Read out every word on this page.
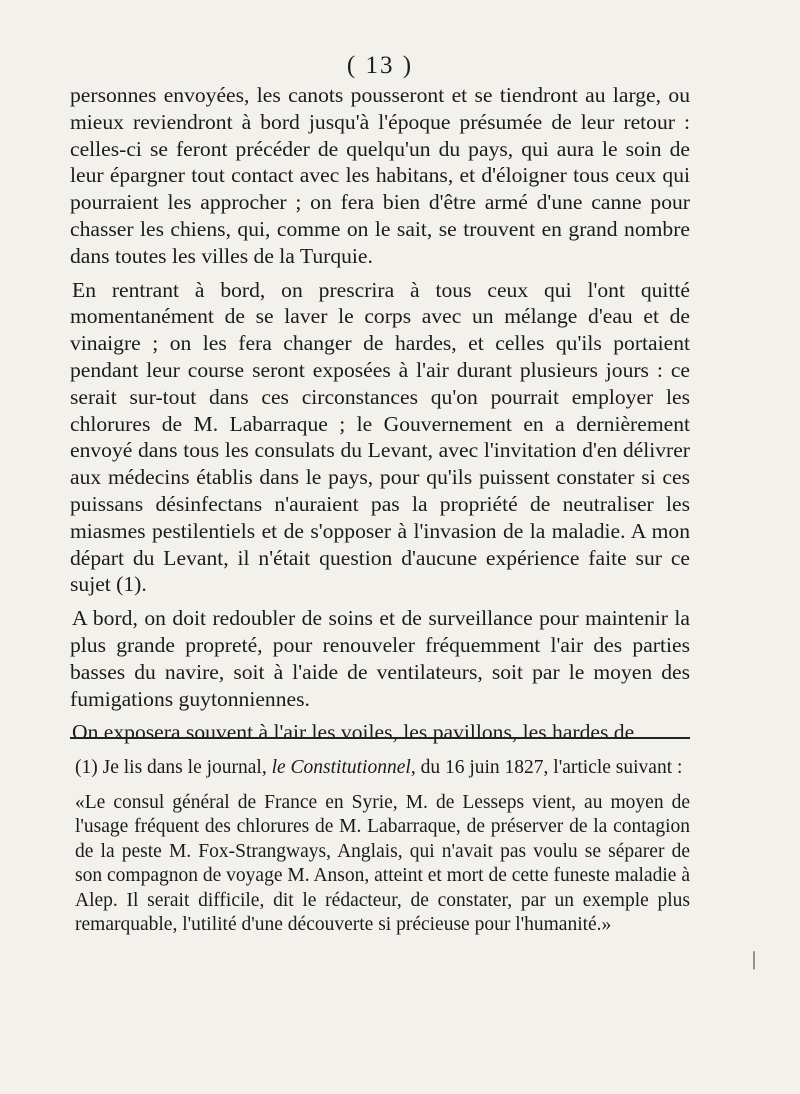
( 13 )

personnes envoyées, les canots pousseront et se tiendront au large, ou mieux reviendront à bord jusqu'à l'époque présumée de leur retour : celles-ci se feront précéder de quelqu'un du pays, qui aura le soin de leur épargner tout contact avec les habitans, et d'éloigner tous ceux qui pourraient les approcher ; on fera bien d'être armé d'une canne pour chasser les chiens, qui, comme on le sait, se trouvent en grand nombre dans toutes les villes de la Turquie.

En rentrant à bord, on prescrira à tous ceux qui l'ont quitté momentanément de se laver le corps avec un mélange d'eau et de vinaigre ; on les fera changer de hardes, et celles qu'ils portaient pendant leur course seront exposées à l'air durant plusieurs jours : ce serait sur-tout dans ces circonstances qu'on pourrait employer les chlorures de M. Labarraque ; le Gouvernement en a dernièrement envoyé dans tous les consulats du Levant, avec l'invitation d'en délivrer aux médecins établis dans le pays, pour qu'ils puissent constater si ces puissans désinfectans n'auraient pas la propriété de neutraliser les miasmes pestilentiels et de s'opposer à l'invasion de la maladie. A mon départ du Levant, il n'était question d'aucune expérience faite sur ce sujet (1).

A bord, on doit redoubler de soins et de surveillance pour maintenir la plus grande propreté, pour renouveler fréquemment l'air des parties basses du navire, soit à l'aide de ventilateurs, soit par le moyen des fumigations guytonniennes.

On exposera souvent à l'air les voiles, les pavillons, les hardes de

(1) Je lis dans le journal, le Constitutionnel, du 16 juin 1827, l'article suivant :

«Le consul général de France en Syrie, M. de Lesseps vient, au moyen de l'usage fréquent des chlorures de M. Labarraque, de préserver de la contagion de la peste M. Fox-Strangways, Anglais, qui n'avait pas voulu se séparer de son compagnon de voyage M. Anson, atteint et mort de cette funeste maladie à Alep. Il serait difficile, dit le rédacteur, de constater, par un exemple plus remarquable, l'utilité d'une découverte si précieuse pour l'humanité.»

|
